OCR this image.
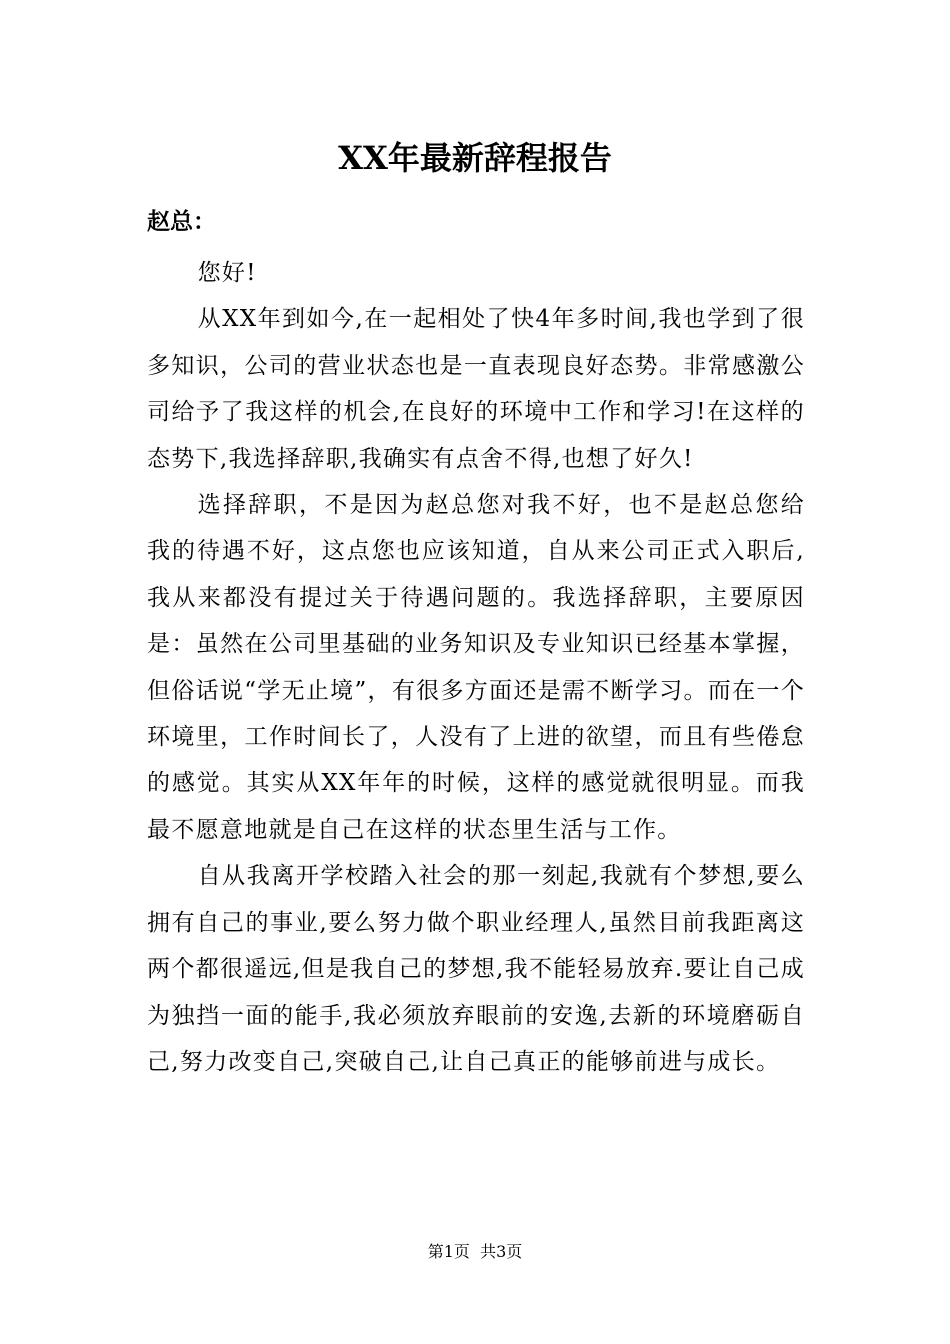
XX年最新辞程报告

赵总：

您好!

从XX年到如今,在一起相处了快4年多时间,我也学到了很多知识，公司的营业状态也是一直表现良好态势。非常感激公司给予了我这样的机会,在良好的环境中工作和学习!在这样的态势下,我选择辞职,我确实有点舍不得,也想了好久!

选择辞职，不是因为赵总您对我不好，也不是赵总您给我的待遇不好，这点您也应该知道，自从来公司正式入职后,我从来都没有提过关于待遇问题的。我选择辞职，主要原因是：虽然在公司里基础的业务知识及专业知识已经基本掌握，但俗话说“学无止境”，有很多方面还是需不断学习。而在一个环境里，工作时间长了，人没有了上进的欲望，而且有些倦怠的感觉。其实从XX年年的时候，这样的感觉就很明显。而我最不愿意地就是自己在这样的状态里生活与工作。

自从我离开学校踏入社会的那一刻起,我就有个梦想,要么拥有自己的事业,要么努力做个职业经理人,虽然目前我距离这两个都很遥远,但是我自己的梦想,我不能轻易放弃.要让自己成为独挡一面的能手,我必须放弃眼前的安逸,去新的环境磨砺自己,努力改变自己,突破自己,让自己真正的能够前进与成长。

第1页  共3页
